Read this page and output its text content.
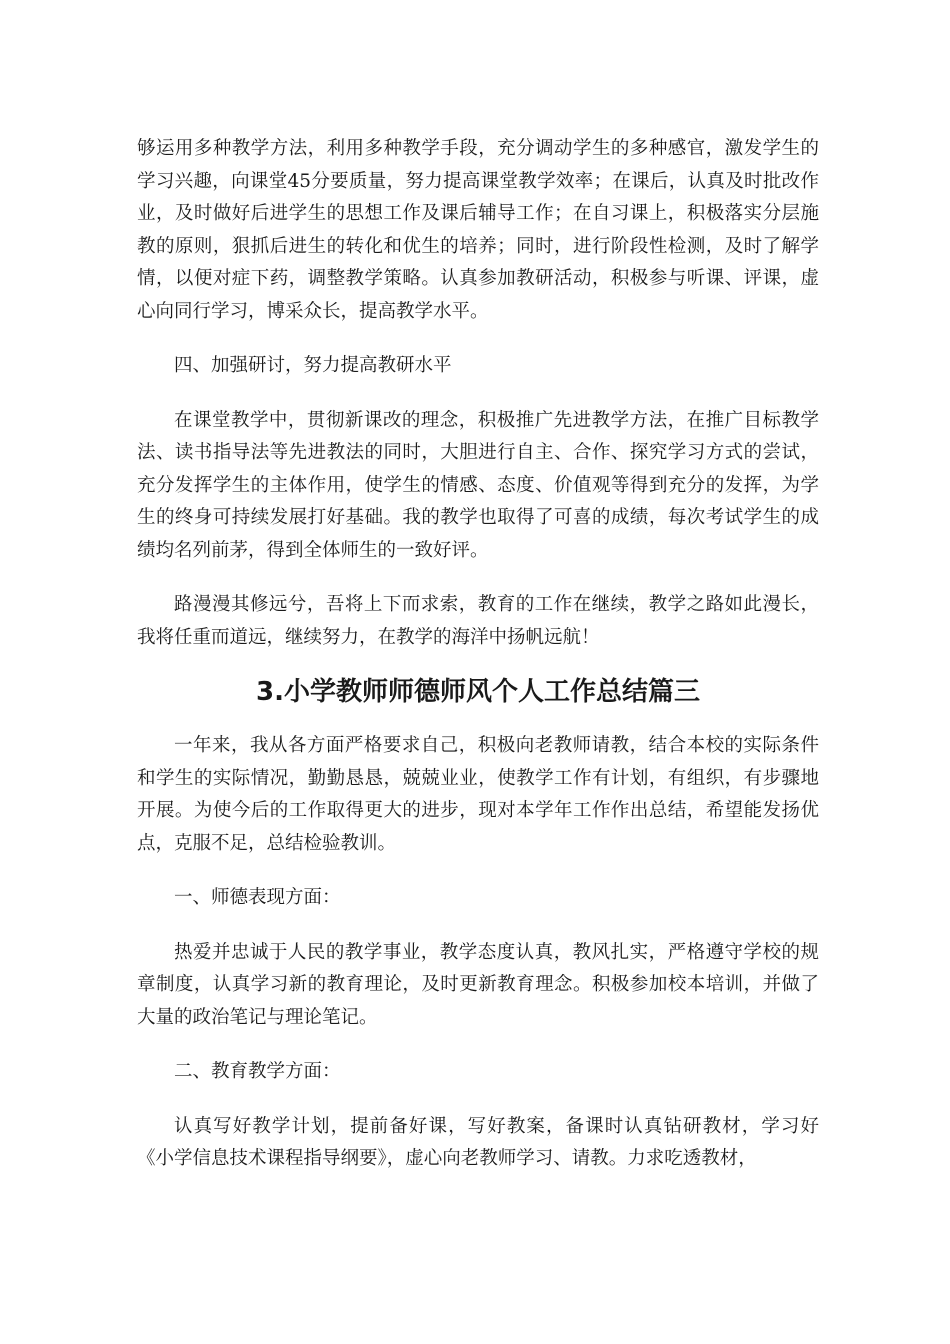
够运用多种教学方法，利用多种教学手段，充分调动学生的多种感官，激发学生的学习兴趣，向课堂45分要质量，努力提高课堂教学效率；在课后，认真及时批改作业，及时做好后进学生的思想工作及课后辅导工作；在自习课上，积极落实分层施教的原则，狠抓后进生的转化和优生的培养；同时，进行阶段性检测，及时了解学情，以便对症下药，调整教学策略。认真参加教研活动，积极参与听课、评课，虚心向同行学习，博采众长，提高教学水平。

四、加强研讨，努力提高教研水平

在课堂教学中，贯彻新课改的理念，积极推广先进教学方法，在推广目标教学法、读书指导法等先进教法的同时，大胆进行自主、合作、探究学习方式的尝试，充分发挥学生的主体作用，使学生的情感、态度、价值观等得到充分的发挥，为学生的终身可持续发展打好基础。我的教学也取得了可喜的成绩，每次考试学生的成绩均名列前茅，得到全体师生的一致好评。

路漫漫其修远兮，吾将上下而求索，教育的工作在继续，教学之路如此漫长，我将任重而道远，继续努力，在教学的海洋中扬帆远航！

3.小学教师师德师风个人工作总结篇三

一年来，我从各方面严格要求自己，积极向老教师请教，结合本校的实际条件和学生的实际情况，勤勤恳恳，兢兢业业，使教学工作有计划，有组织，有步骤地开展。为使今后的工作取得更大的进步，现对本学年工作作出总结，希望能发扬优点，克服不足，总结检验教训。

一、师德表现方面：

热爱并忠诚于人民的教学事业，教学态度认真，教风扎实，严格遵守学校的规章制度，认真学习新的教育理论，及时更新教育理念。积极参加校本培训，并做了大量的政治笔记与理论笔记。

二、教育教学方面：

认真写好教学计划，提前备好课，写好教案，备课时认真钻研教材，学习好《小学信息技术课程指导纲要》，虚心向老教师学习、请教。力求吃透教材，
